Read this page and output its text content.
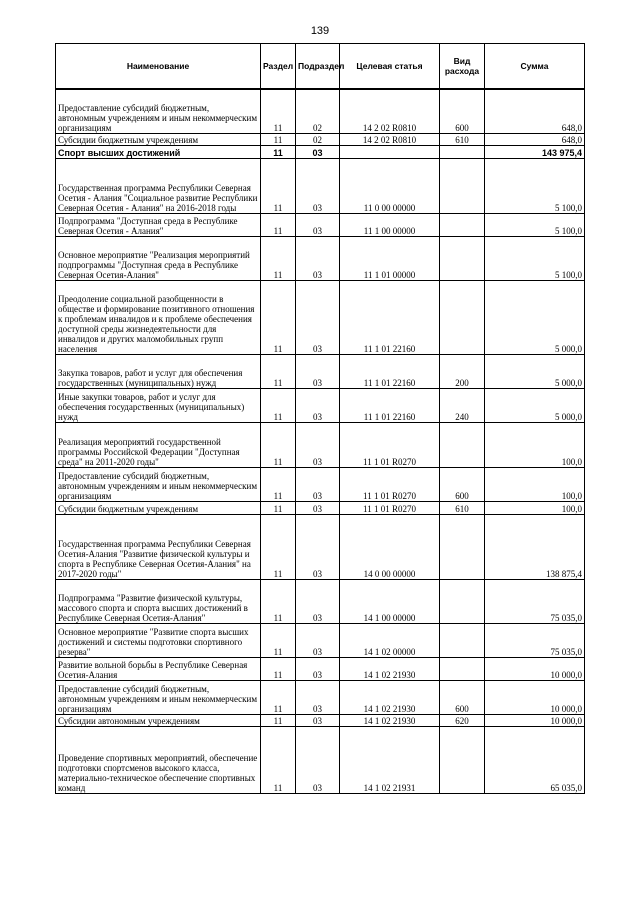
139
Наименование	Раздел	Подраздел	Целевая статья	Вид расхода	Сумма
Предоставление субсидий бюджетным, автономным учреждениям и иным некоммерческим организациям	11	02	14 2 02 R0810	600	648,0
Субсидии бюджетным учреждениям	11	02	14 2 02 R0810	610	648,0
Спорт высших достижений	11	03			143 975,4
Государственная программа Республики Северная Осетия - Алания "Социальное развитие Республики Северная Осетия - Алания" на 2016-2018 годы	11	03	11 0 00 00000		5 100,0
Подпрограмма "Доступная среда в Республике Северная Осетия - Алания"	11	03	11 1 00 00000		5 100,0
Основное мероприятие "Реализация мероприятий подпрограммы "Доступная среда в Республике Северная Осетия-Алания"	11	03	11 1 01 00000		5 100,0
Преодоление социальной разобщенности в обществе и формирование позитивного отношения к проблемам инвалидов и к проблеме обеспечения доступной среды жизнедеятельности для инвалидов и других маломобильных групп населения	11	03	11 1 01 22160		5 000,0
Закупка товаров, работ и услуг для обеспечения государственных (муниципальных) нужд	11	03	11 1 01 22160	200	5 000,0
Иные закупки товаров, работ и услуг для обеспечения государственных (муниципальных) нужд	11	03	11 1 01 22160	240	5 000,0
Реализация мероприятий государственной программы Российской Федерации "Доступная среда" на 2011-2020 годы"	11	03	11 1 01 R0270		100,0
Предоставление субсидий бюджетным, автономным учреждениям и иным некоммерческим организациям	11	03	11 1 01 R0270	600	100,0
Субсидии бюджетным учреждениям	11	03	11 1 01 R0270	610	100,0
Государственная программа Республики Северная Осетия-Алания "Развитие физической культуры и спорта в Республике Северная Осетия-Алания" на 2017-2020 годы"	11	03	14 0 00 00000		138 875,4
Подпрограмма "Развитие физической культуры, массового спорта и спорта высших достижений в Республике Северная Осетия-Алания"	11	03	14 1 00 00000		75 035,0
Основное мероприятие "Развитие спорта высших достижений и системы подготовки спортивного резерва"	11	03	14 1 02 00000		75 035,0
Развитие вольной борьбы в Республике Северная Осетия-Алания	11	03	14 1 02 21930		10 000,0
Предоставление субсидий бюджетным, автономным учреждениям и иным некоммерческим организациям	11	03	14 1 02 21930	600	10 000,0
Субсидии автономным учреждениям	11	03	14 1 02 21930	620	10 000,0
Проведение спортивных мероприятий, обеспечение подготовки спортсменов высокого класса, материально-техническое обеспечение спортивных команд	11	03	14 1 02 21931		65 035,0
